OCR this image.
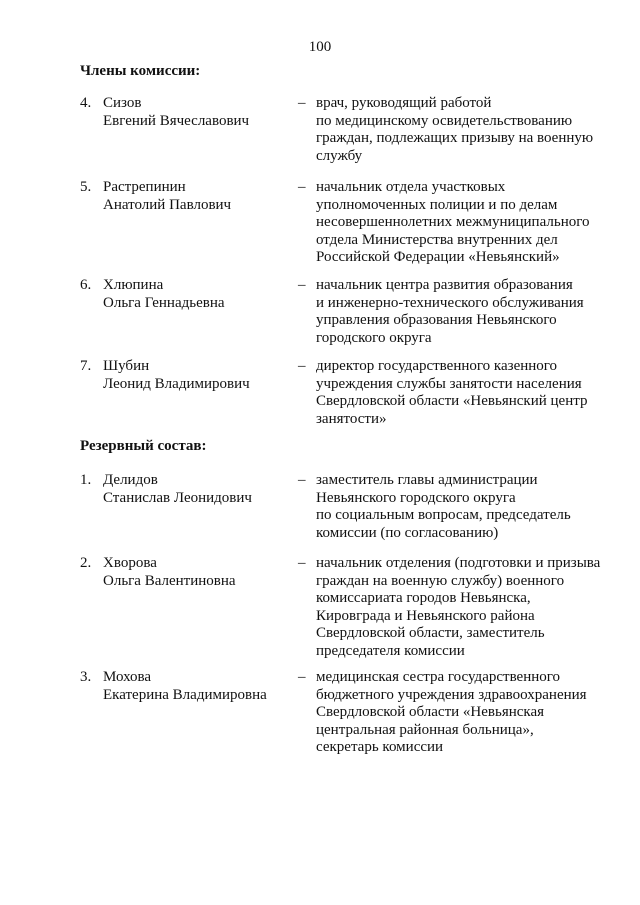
100
Члены комиссии:
4. Сизов
Евгений Вячеславович
– врач, руководящий работой
по медицинскому освидетельствованию
граждан, подлежащих призыву на военную
службу
5. Растрепинин
Анатолий Павлович
– начальник отдела участковых
уполномоченных полиции и по делам
несовершеннолетних межмуниципального
отдела Министерства внутренних дел
Российской Федерации «Невьянский»
6. Хлюпина
Ольга Геннадьевна
– начальник центра развития образования
и инженерно-технического обслуживания
управления образования Невьянского
городского округа
7. Шубин
Леонид Владимирович
– директор государственного казенного
учреждения службы занятости населения
Свердловской области «Невьянский центр
занятости»
Резервный состав:
1. Делидов
Станислав Леонидович
– заместитель главы администрации
Невьянского городского округа
по социальным вопросам, председатель
комиссии (по согласованию)
2. Хворова
Ольга Валентиновна
– начальник отделения (подготовки и призыва
граждан на военную службу) военного
комиссариата городов Невьянска,
Кировграда и Невьянского района
Свердловской области, заместитель
председателя комиссии
3. Мохова
Екатерина Владимировна
– медицинская сестра государственного
бюджетного учреждения здравоохранения
Свердловской области «Невьянская
центральная районная больница»,
секретарь комиссии
